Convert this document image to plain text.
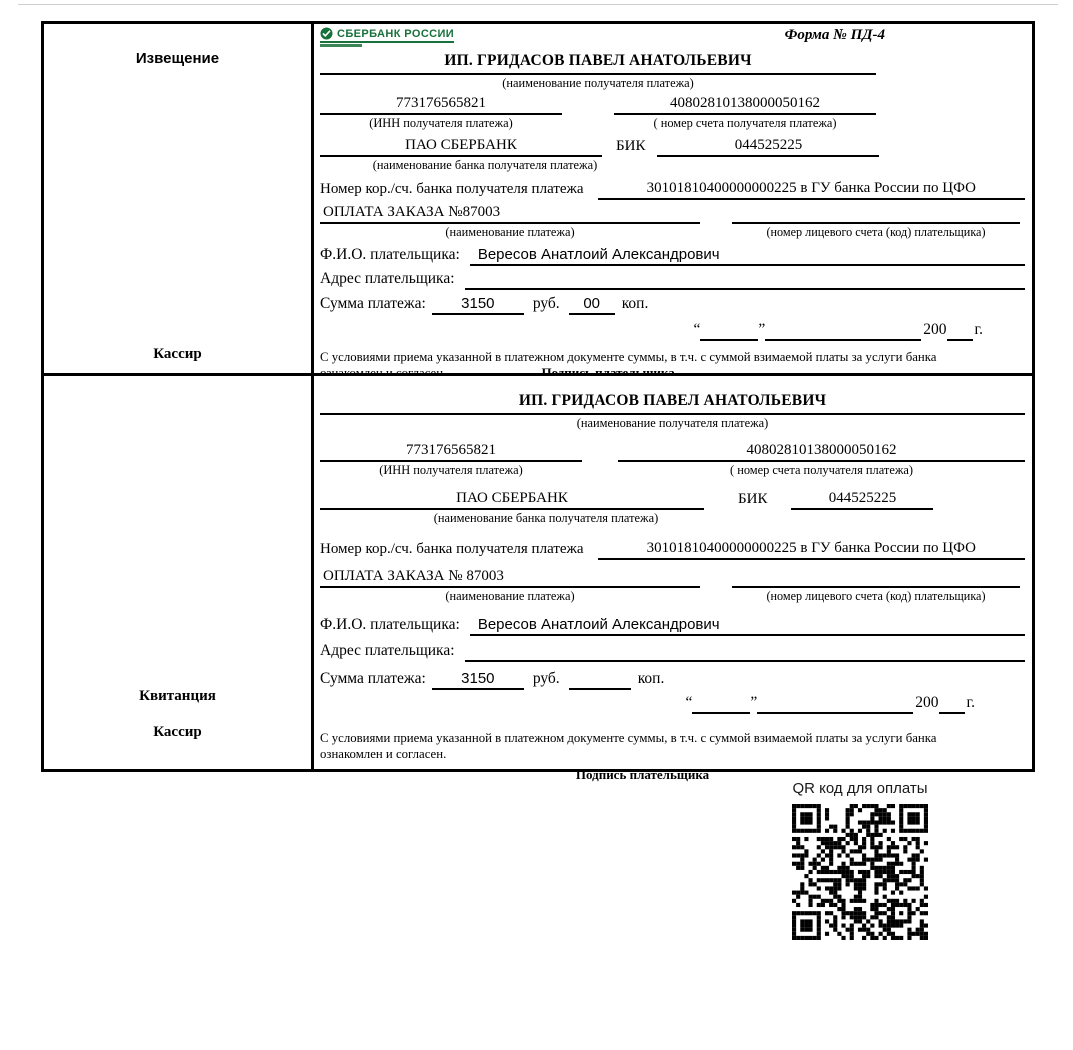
Извещение
Кассир
СБЕРБАНК РОССИИ	Форма № ПД-4
ИП. ГРИДАСОВ ПАВЕЛ АНАТОЛЬЕВИЧ
(наименование получателя платежа)
773176565821	40802810138000050162
(ИНН получателя платежа)	( номер счета получателя платежа)
ПАО СБЕРБАНК	БИК	044525225
(наименование банка получателя платежа)
Номер кор./сч. банка получателя платежа	30101810400000000225 в ГУ банка России по ЦФО
ОПЛАТА ЗАКАЗА №87003
(наименование платежа)	(номер лицевого счета (код) плательщика)
Ф.И.О. плательщика:	Вересов Анатлоий Александрович
Адрес плательщика:
Сумма платежа:	3150	руб.	00	коп.
“	”	200 г.
С условиями приема указанной в платежном документе суммы, в т.ч. с суммой взимаемой платы за услуги банка
Квитанция
Кассир
ИП. ГРИДАСОВ ПАВЕЛ АНАТОЛЬЕВИЧ
(наименование получателя платежа)
773176565821	40802810138000050162
(ИНН получателя платежа)	( номер счета получателя платежа)
ПАО СБЕРБАНК	БИК	044525225
(наименование банка получателя платежа)
Номер кор./сч. банка получателя платежа	30101810400000000225 в ГУ банка России по ЦФО
ОПЛАТА ЗАКАЗА № 87003
(наименование платежа)	(номер лицевого счета (код) плательщика)
Ф.И.О. плательщика:	Вересов Анатлоий Александрович
Адрес плательщика:
Сумма платежа:	3150	руб.	коп.
“	”	200 г.
С условиями приема указанной в платежном документе суммы, в т.ч. с суммой взимаемой платы за услуги банка
ознакомлен и согласен.
Подпись плательщика
QR код для оплаты
